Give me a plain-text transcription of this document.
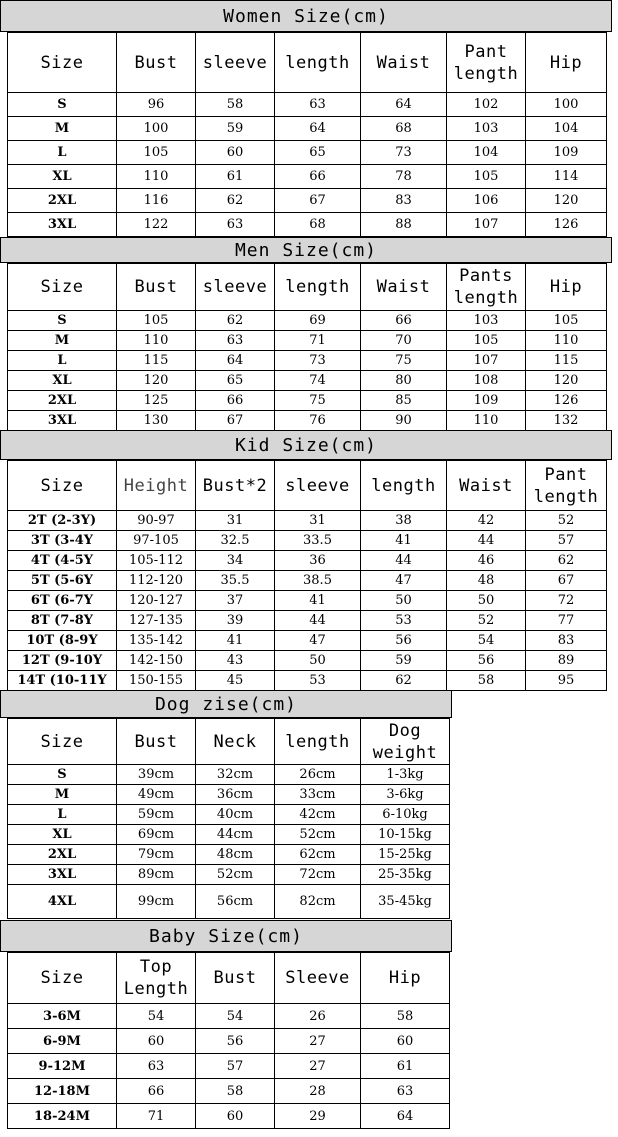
Women Size(cm)
Size	Bust	sleeve	length	Waist	Pant length	Hip
S	96	58	63	64	102	100
M	100	59	64	68	103	104
L	105	60	65	73	104	109
XL	110	61	66	78	105	114
2XL	116	62	67	83	106	120
3XL	122	63	68	88	107	126
Men Size(cm)
Size	Bust	sleeve	length	Waist	Pants length	Hip
S	105	62	69	66	103	105
M	110	63	71	70	105	110
L	115	64	73	75	107	115
XL	120	65	74	80	108	120
2XL	125	66	75	85	109	126
3XL	130	67	76	90	110	132
Kid Size(cm)
Size	Height	Bust*2	sleeve	length	Waist	Pant length
2T (2-3Y)	90-97	31	31	38	42	52
3T (3-4Y	97-105	32.5	33.5	41	44	57
4T (4-5Y	105-112	34	36	44	46	62
5T (5-6Y	112-120	35.5	38.5	47	48	67
6T (6-7Y	120-127	37	41	50	50	72
8T (7-8Y	127-135	39	44	53	52	77
10T (8-9Y	135-142	41	47	56	54	83
12T (9-10Y	142-150	43	50	59	56	89
14T (10-11Y	150-155	45	53	62	58	95
Dog zise(cm)
Size	Bust	Neck	length	Dog weight
S	39cm	32cm	26cm	1-3kg
M	49cm	36cm	33cm	3-6kg
L	59cm	40cm	42cm	6-10kg
XL	69cm	44cm	52cm	10-15kg
2XL	79cm	48cm	62cm	15-25kg
3XL	89cm	52cm	72cm	25-35kg
4XL	99cm	56cm	82cm	35-45kg
Baby Size(cm)
Size	Top Length	Bust	Sleeve	Hip
3-6M	54	54	26	58
6-9M	60	56	27	60
9-12M	63	57	27	61
12-18M	66	58	28	63
18-24M	71	60	29	64
